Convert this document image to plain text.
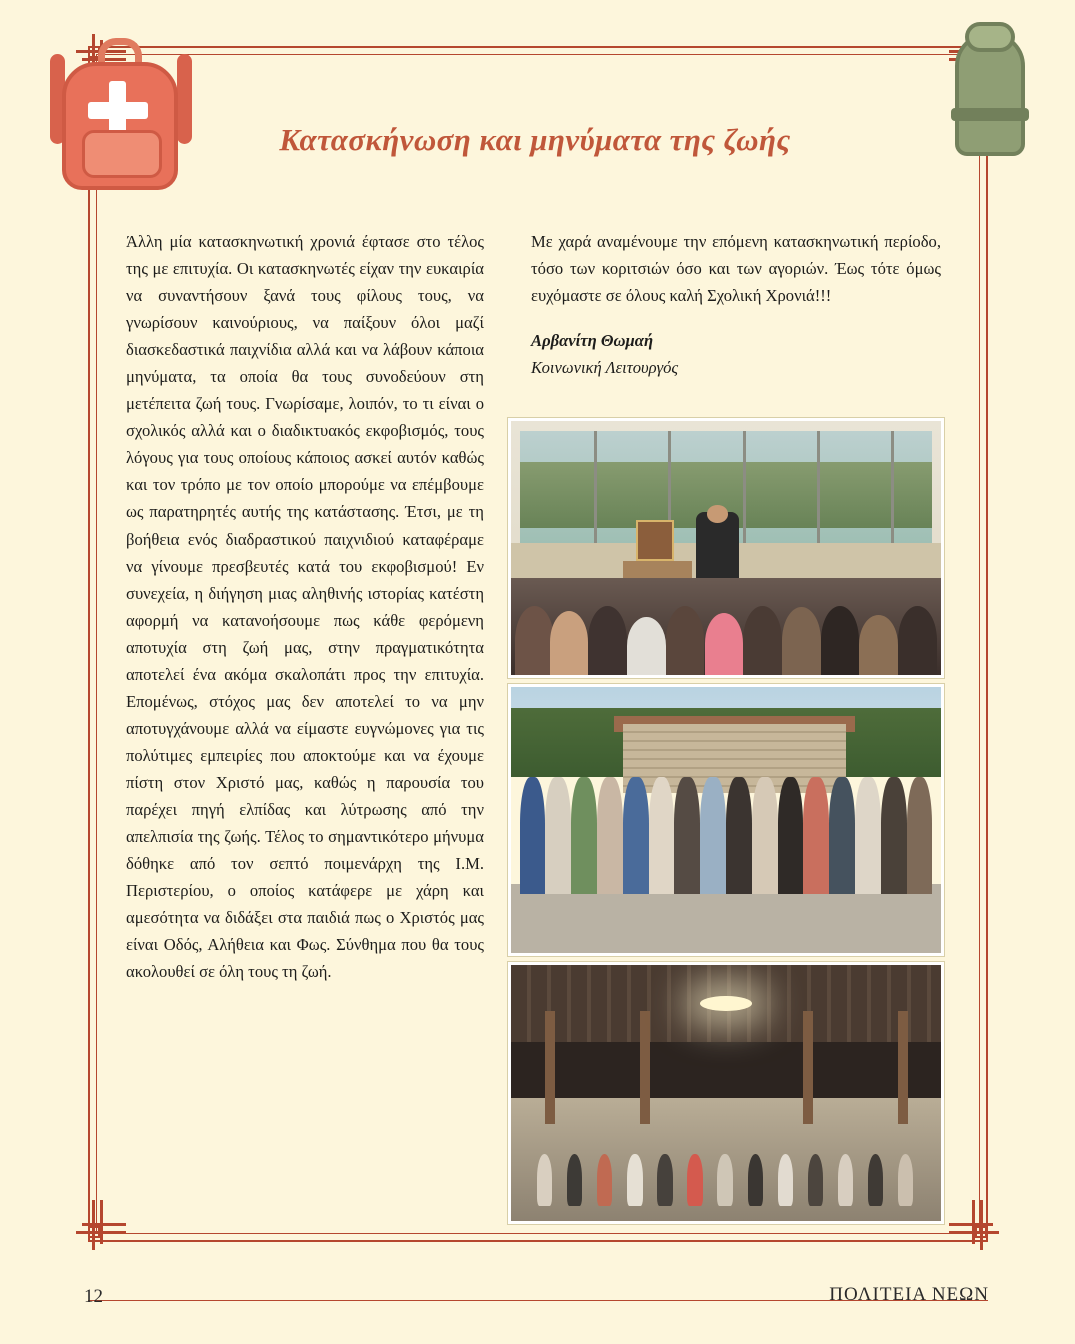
Κατασκήνωση και μηνύματα της ζωής
Άλλη μία κατασκηνωτική χρονιά έφτασε στο τέλος της με επιτυχία. Οι κατασκηνωτές είχαν την ευκαιρία να συναντήσουν ξανά τους φίλους τους, να γνωρίσουν καινούριους, να παίξουν όλοι μαζί διασκεδαστικά παιχνίδια αλλά και να λάβουν κάποια μηνύματα, τα οποία θα τους συνοδεύουν στη μετέπειτα ζωή τους. Γνωρίσαμε, λοιπόν, το τι είναι ο σχολικός αλλά και ο διαδικτυακός εκφοβισμός, τους λόγους για τους οποίους κάποιος ασκεί αυτόν καθώς και τον τρόπο με τον οποίο μπορούμε να επέμβουμε ως παρατηρητές αυτής της κατάστασης. Έτσι, με τη βοήθεια ενός διαδραστικού παιχνιδιού καταφέραμε να γίνουμε πρεσβευτές κατά του εκφοβισμού! Εν συνεχεία, η διήγηση μιας αληθινής ιστορίας κατέστη αφορμή να κατανοήσουμε πως κάθε φερόμενη αποτυχία στη ζωή μας, στην πραγματικότητα αποτελεί ένα ακόμα σκαλοπάτι προς την επιτυχία. Επομένως, στόχος μας δεν αποτελεί το να μην αποτυγχάνουμε αλλά να είμαστε ευγνώμονες για τις πολύτιμες εμπειρίες που αποκτούμε και να έχουμε πίστη στον Χριστό μας, καθώς η παρουσία του παρέχει πηγή ελπίδας και λύτρωσης από την απελπισία της ζωής. Τέλος το σημαντικότερο μήνυμα δόθηκε από τον σεπτό ποιμενάρχη της Ι.Μ. Περιστερίου, ο οποίος κατάφερε με χάρη και αμεσότητα να διδάξει στα παιδιά πως ο Χριστός μας είναι Οδός, Αλήθεια και Φως. Σύνθημα που θα τους ακολουθεί σε όλη τους τη ζωή.
Με χαρά αναμένουμε την επόμενη κατασκηνωτική περίοδο, τόσο των κοριτσιών όσο και των αγοριών. Έως τότε όμως ευχόμαστε σε όλους καλή Σχολική Χρονιά!!!
Αρβανίτη Θωμαή
Κοινωνική Λειτουργός
12	ΠΟΛΙΤΕΙΑ ΝΕΩΝ
